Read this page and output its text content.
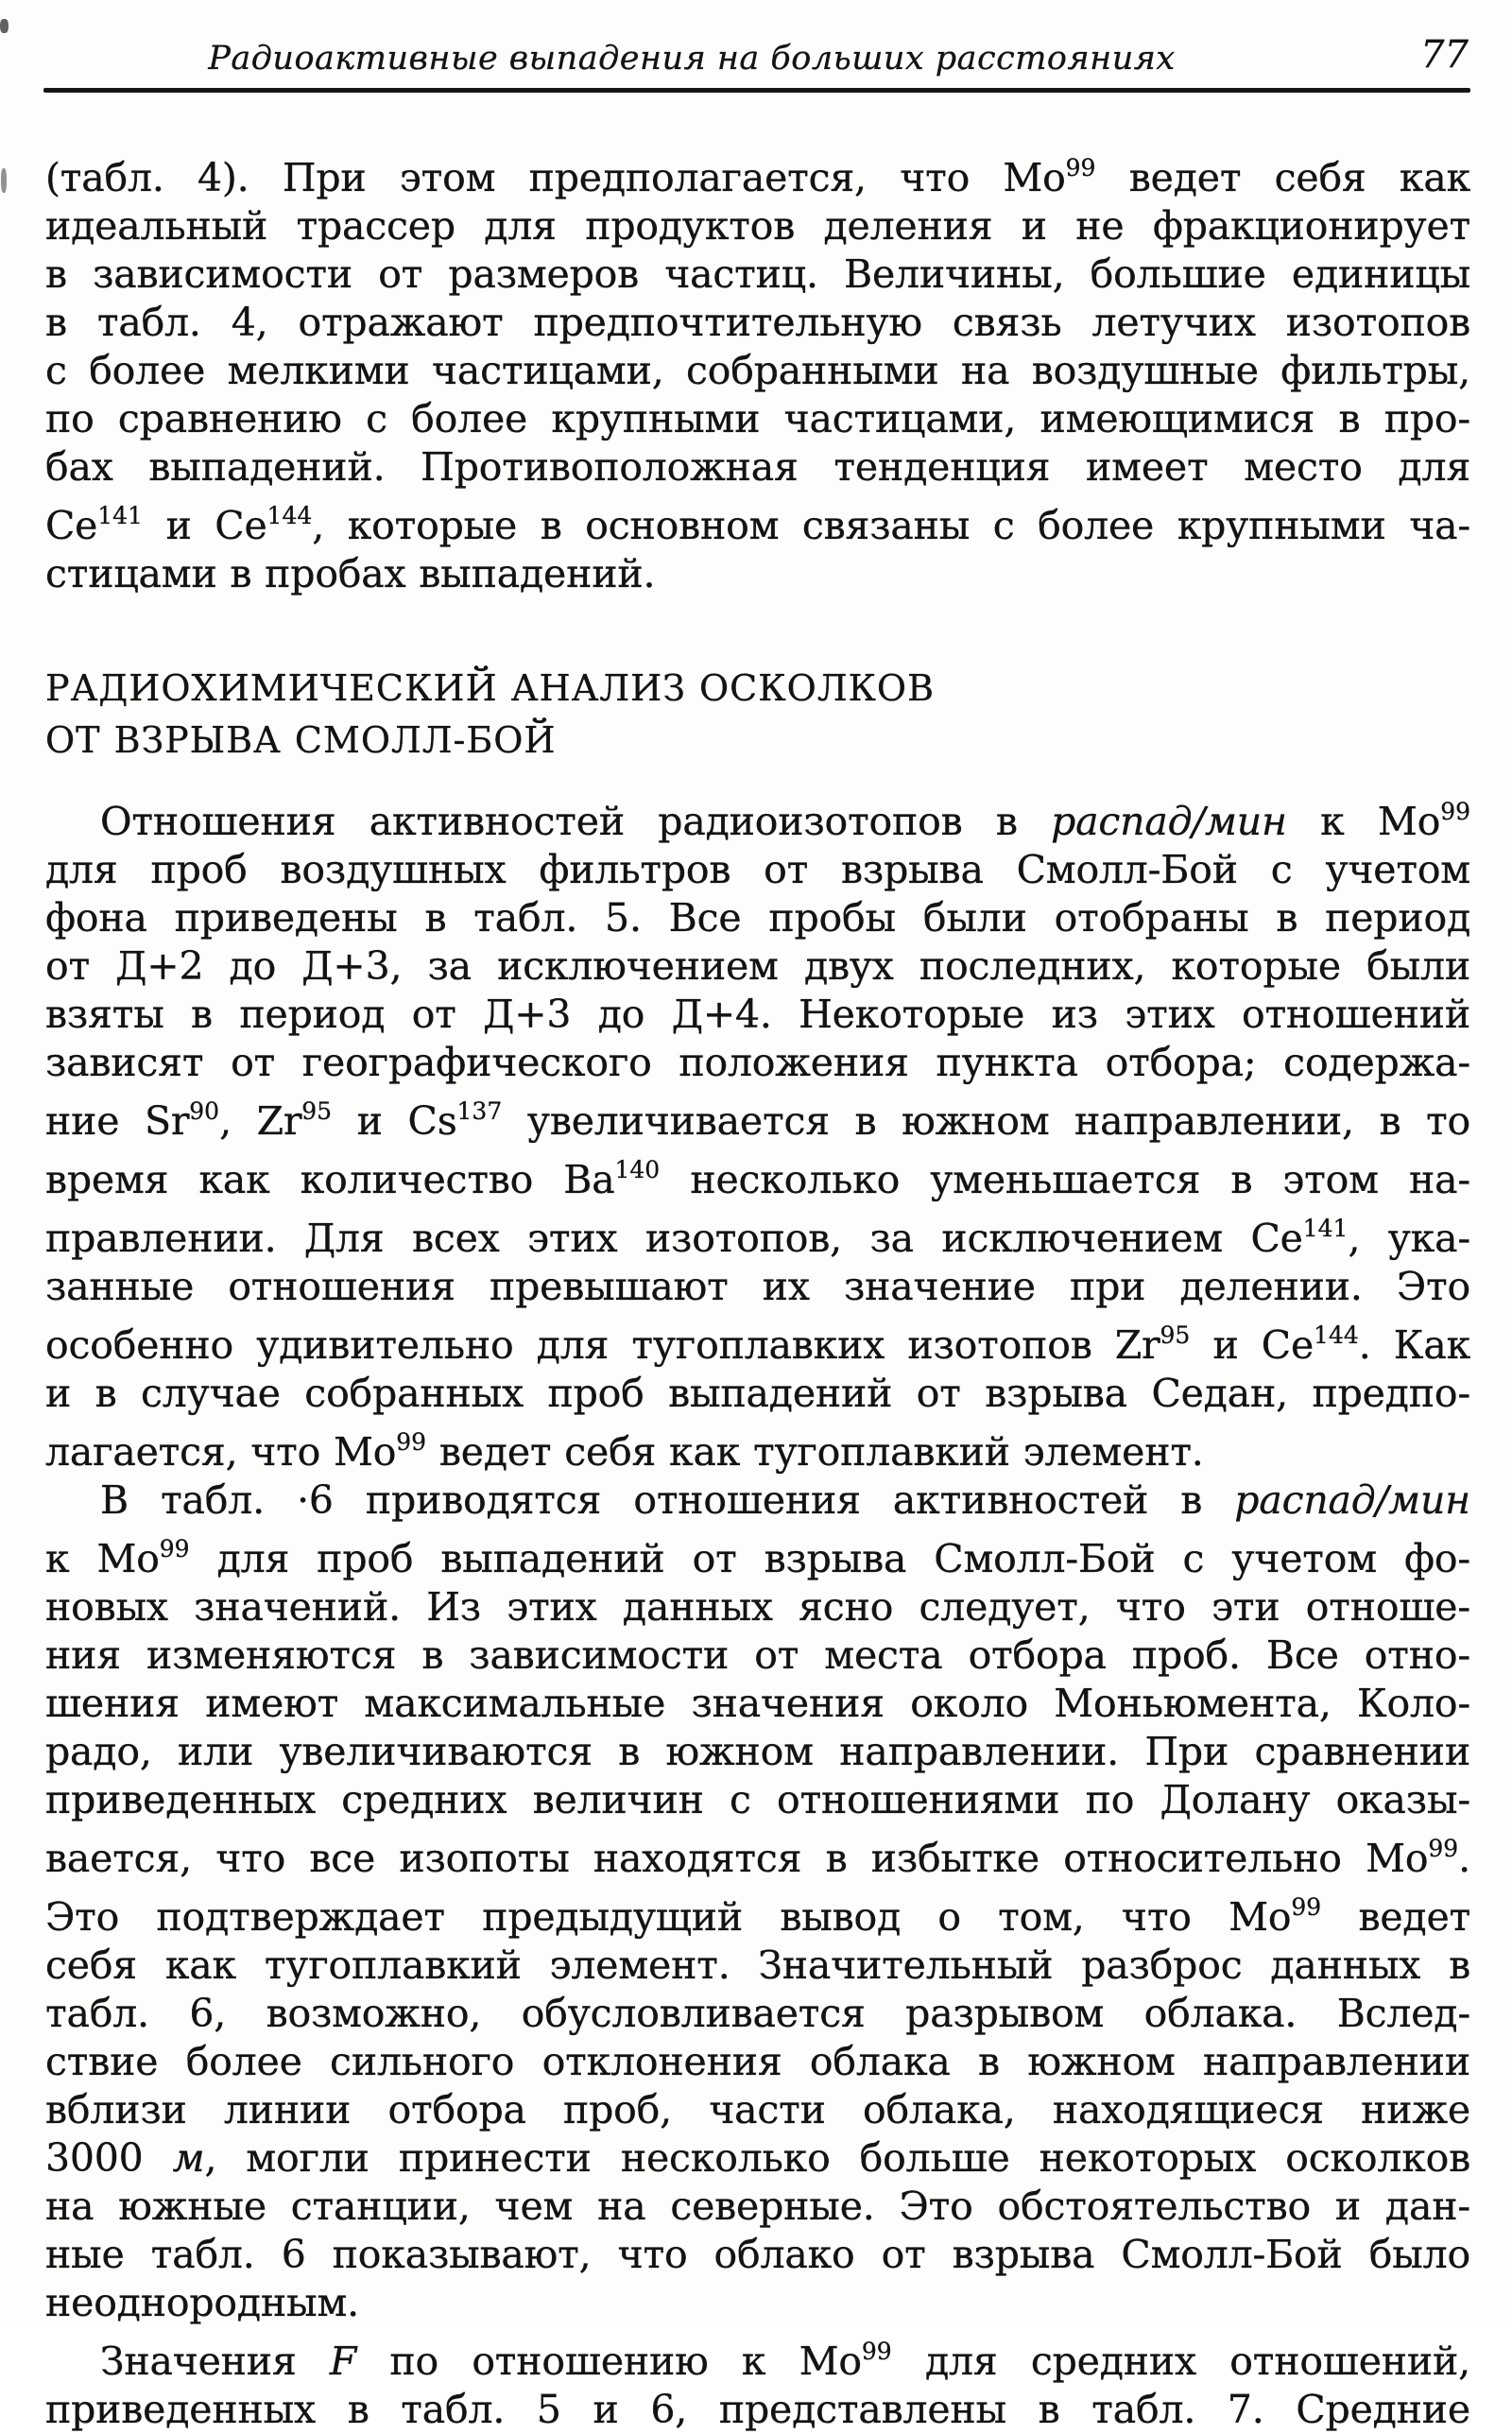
Радиоактивные выпадения на больших расстояниях	77
(табл. 4). При этом предполагается, что $Мо^{99}$ ведет себя как
идеальный трассер для продуктов деления и не фракционирует
в зависимости от размеров частиц. Величины, большие единицы
в табл. 4, отражают предпочтительную связь летучих изотопов
с более мелкими частицами, собранными на воздушные фильтры,
по сравнению с более крупными частицами, имеющимися в про-
бах выпадений. Противоположная тенденция имеет место для
$Се^{141}$ и $Се^{144}$, которые в основном связаны с более крупными ча-
стицами в пробах выпадений.
РАДИОХИМИЧЕСКИЙ АНАЛИЗ ОСКОЛКОВ
ОТ ВЗРЫВА СМОЛЛ-БОЙ
Отношения активностей радиоизотопов в распад/мин к $Мо^{99}$
для проб воздушных фильтров от взрыва Смолл-Бой с учетом
фона приведены в табл. 5. Все пробы были отобраны в период
от Д+2 до Д+3, за исключением двух последних, которые были
взяты в период от Д+3 до Д+4. Некоторые из этих отношений
зависят от географического положения пункта отбора; содержа-
ние Sr$^{90}$, Zr$^{95}$ и Cs$^{137}$ увеличивается в южном направлении, в то
время как количество $Ва^{140}$ несколько уменьшается в этом на-
правлении. Для всех этих изотопов, за исключением $Се^{141}$, ука-
занные отношения превышают их значение при делении. Это
особенно удивительно для тугоплавких изотопов Zr$^{95}$ и $Се^{144}$. Как
и в случае собранных проб выпадений от взрыва Седан, предпо-
лагается, что $Мо^{99}$ ведет себя как тугоплавкий элемент.
В табл. ·6 приводятся отношения активностей в распад/мин
к $Мо^{99}$ для проб выпадений от взрыва Смолл-Бой с учетом фо-
новых значений. Из этих данных ясно следует, что эти отноше-
ния изменяются в зависимости от места отбора проб. Все отно-
шения имеют максимальные значения около Моньюмента, Коло-
радо, или увеличиваются в южном направлении. При сравнении
приведенных средних величин с отношениями по Долану оказы-
вается, что все изопоты находятся в избытке относительно $Мо^{99}$.
Это подтверждает предыдущий вывод о том, что $Мо^{99}$ ведет
себя как тугоплавкий элемент. Значительный разброс данных в
табл. 6, возможно, обусловливается разрывом облака. Вслед-
ствие более сильного отклонения облака в южном направлении
вблизи линии отбора проб, части облака, находящиеся ниже
3000 м, могли принести несколько больше некоторых осколков
на южные станции, чем на северные. Это обстоятельство и дан-
ные табл. 6 показывают, что облако от взрыва Смолл-Бой было
неоднородным.
Значения F по отношению к $Мо^{99}$ для средних отношений,
приведенных в табл. 5 и 6, представлены в табл. 7. Средние
